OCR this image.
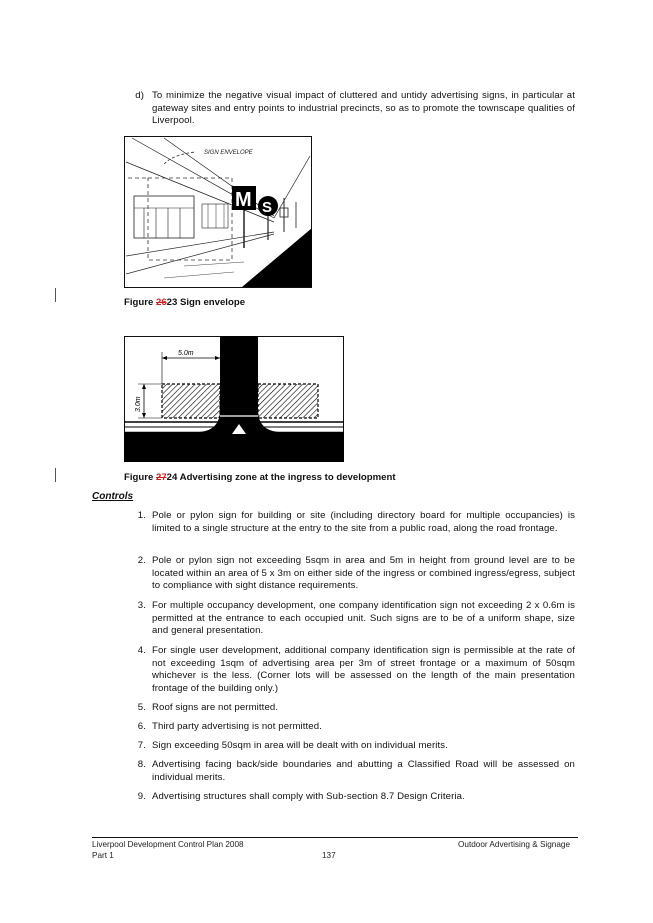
d) To minimize the negative visual impact of cluttered and untidy advertising signs, in particular at gateway sites and entry points to industrial precincts, so as to promote the townscape qualities of Liverpool.
SIGN ENVELOPE
M S
Figure 2623 Sign envelope
5.0m
3.0m
Figure 2724 Advertising zone at the ingress to development
Controls
1. Pole or pylon sign for building or site (including directory board for multiple occupancies) is limited to a single structure at the entry to the site from a public road, along the road frontage.
2. Pole or pylon sign not exceeding 5sqm in area and 5m in height from ground level are to be located within an area of 5 x 3m on either side of the ingress or combined ingress/egress, subject to compliance with sight distance requirements.
3. For multiple occupancy development, one company identification sign not exceeding 2 x 0.6m is permitted at the entrance to each occupied unit. Such signs are to be of a uniform shape, size and general presentation.
4. For single user development, additional company identification sign is permissible at the rate of not exceeding 1sqm of advertising area per 3m of street frontage or a maximum of 50sqm whichever is the less. (Corner lots will be assessed on the length of the main presentation frontage of the building only.)
5. Roof signs are not permitted.
6. Third party advertising is not permitted.
7. Sign exceeding 50sqm in area will be dealt with on individual merits.
8. Advertising facing back/side boundaries and abutting a Classified Road will be assessed on individual merits.
9. Advertising structures shall comply with Sub-section 8.7 Design Criteria.
Liverpool Development Control Plan 2008
Part 1	137
Outdoor Advertising & Signage
